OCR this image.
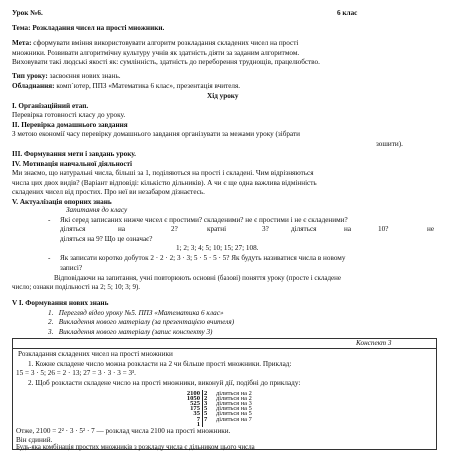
Урок №6.	6 клас
Тема: Розкладання чисел на прості множники.
Мета: сформувати вміння використовувати алгоритм розкладання складених чисел на прості
множники. Розвивати алгоритмічну культуру учнів як здатність діяти за заданим алгоритмом.
Виховувати такі людські якості як: сумлінність, здатність до переборення труднощів, працелюбство.
Тип уроку: засвоєння нових знань.
Обладнання: комп`ютер, ППЗ «Математика 6 клас», презентація вчителя.
Хід уроку
І. Організаційний етап.
Перевірка готовності класу до уроку.
ІІ. Перевірка домашнього завдання
З метою економії часу перевірку домашнього завдання організувати за межами уроку (зібрати
зошити).
ІІІ. Формування мети і завдань уроку.
ІV. Мотивація навчальної діяльності
Ми знаємо, що натуральні числа, більші за 1, поділяються на прості і складені. Чим відрізняються
числа цих двох видів? (Варіант відповіді: кількістю дільників). А чи є ще одна важлива відмінність
складених чисел від простих. Про неї ви незабаром дізнаєтесь.
V. Актуалізація опорних знань
Запитання до класу
- Які серед записаних нижче чисел є простими? складеними? не є простими і не є складеними?
діляться	на	2?	кратні	3?	діляться	на	10?	не
діляться на 9? Що це означає?
1; 2; 3; 4; 5; 10; 15; 27; 108.
- Як записати коротко добуток 2 · 2 · 2; 3 · 3; 5 · 5 · 5 · 5? Як будуть називатися числа в новому
записі?
Відповідаючи на запитання, учні повторюють основні (базові) поняття уроку (просте і складене
число; ознаки подільності на 2; 5; 10; 3; 9).
V І. Формування нових знань
1.   Перегляд відео уроку №5. ППЗ «Математика 6 клас»
2.   Викладення нового матеріалу (за презентацією вчителя)
3.   Викладення нового матеріалу (запис конспекту 3)
Конспект 3
Розкладання складених чисел на прості множники
1. Кожне складене число можна розкласти на 2 чи більше прості множники. Приклад:
15 = 3 · 5; 26 = 2 · 13; 27 = 3 · 3 · 3 = 3³.
2. Щоб розкласти складене число на прості множники, виконуй дії, подібні до прикладу:
Отже, 2100 = 2² · 3 · 5² · 7 — розклад числа 2100 на прості множники.
Він єдиний.
Будь-яка комбінація простих множників з розкладу числа є дільником цього числа
2100 2	ділиться на 2
1050 2	ділиться на 2
525 3	ділиться на 3
175 5	ділиться на 5
35 5	ділиться на 5
7 7	ділиться на 7
1
